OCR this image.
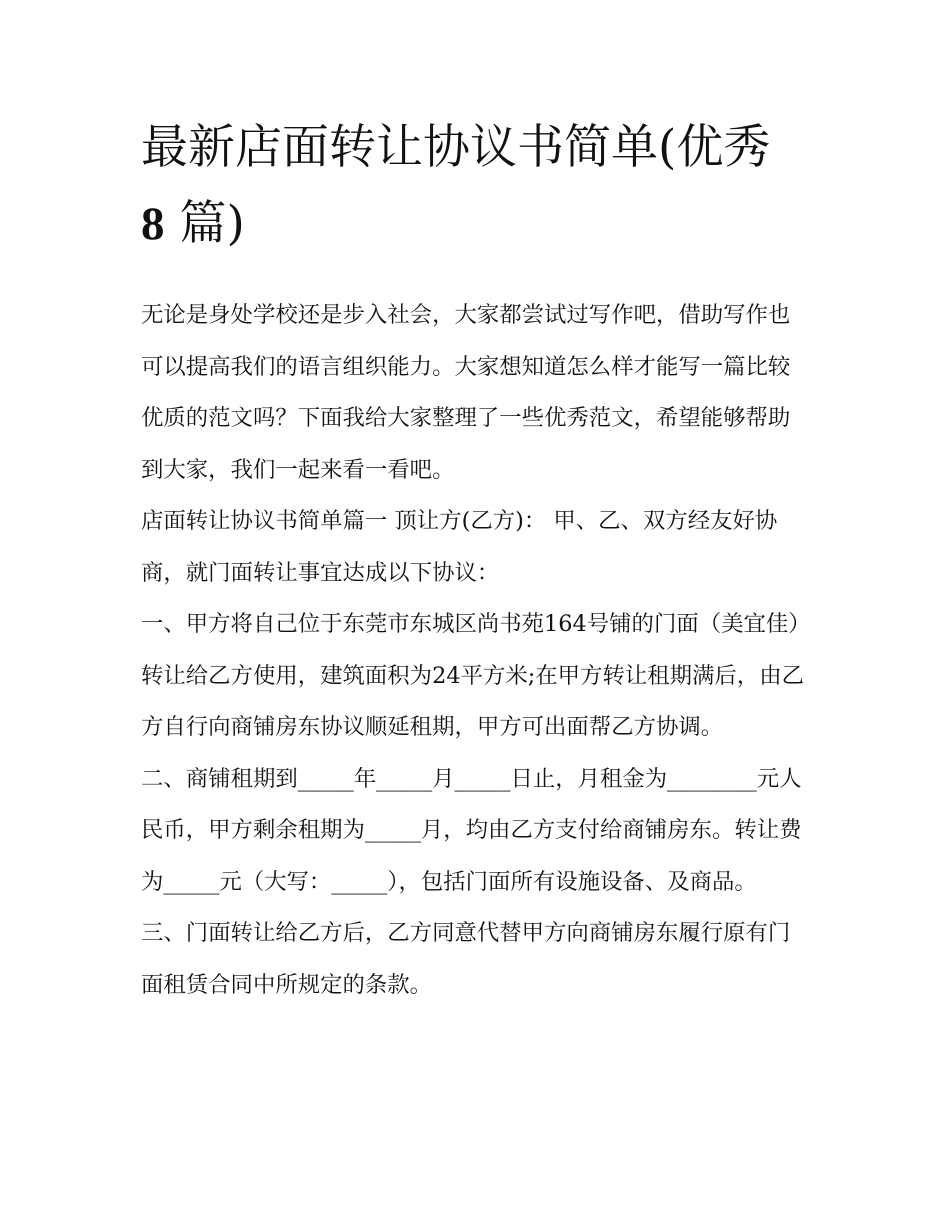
最新店面转让协议书简单(优秀
8 篇)

无论是身处学校还是步入社会，大家都尝试过写作吧，借助写作也可以提高我们的语言组织能力。大家想知道怎么样才能写一篇比较优质的范文吗？下面我给大家整理了一些优秀范文，希望能够帮助到大家，我们一起来看一看吧。

店面转让协议书简单篇一 顶让方(乙方)： 甲、乙、双方经友好协商，就门面转让事宜达成以下协议：

一、甲方将自己位于东莞市东城区尚书苑164号铺的门面（美宜佳）转让给乙方使用，建筑面积为24平方米;在甲方转让租期满后，由乙方自行向商铺房东协议顺延租期，甲方可出面帮乙方协调。

二、商铺租期到_____年_____月_____日止，月租金为________元人民币，甲方剩余租期为_____月，均由乙方支付给商铺房东。转让费为_____元（大写：_____），包括门面所有设施设备、及商品。

三、门面转让给乙方后，乙方同意代替甲方向商铺房东履行原有门面租赁合同中所规定的条款。
